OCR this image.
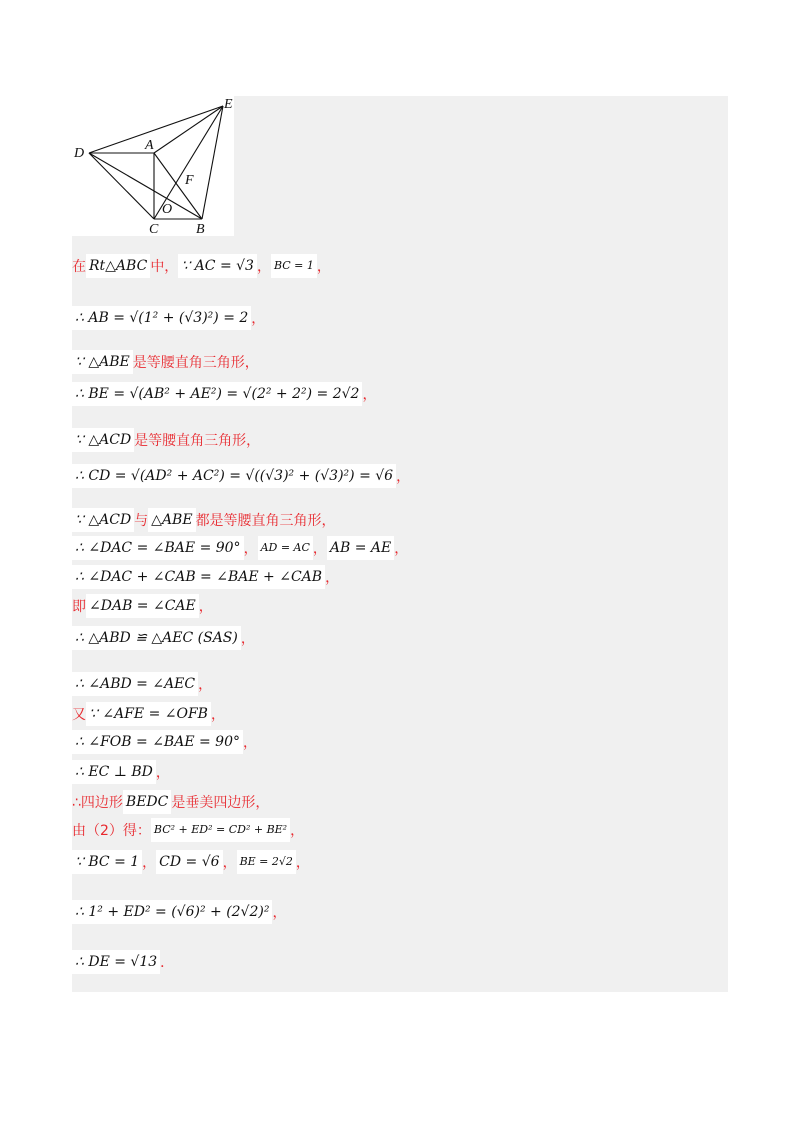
D
A
E
F
O
C	B
在 Rt△ABC 中， ∵ AC = √3 ， BC = 1 ，
∴ AB = √(1² + (√3)²) = 2 ，
∵ △ABE 是等腰直角三角形，
∴ BE = √(AB² + AE²) = √(2² + 2²) = 2√2 ，
∵ △ACD 是等腰直角三角形，
∴ CD = √(AD² + AC²) = √((√3)² + (√3)²) = √6 ，
∵ △ACD 与 △ABE 都是等腰直角三角形，
∴ ∠DAC = ∠BAE = 90° ， AD = AC ， AB = AE ，
∴ ∠DAC + ∠CAB = ∠BAE + ∠CAB ，
即 ∠DAB = ∠CAE ，
∴ △ABD ≌ △AEC (SAS) ，
∴ ∠ABD = ∠AEC ，
又 ∵ ∠AFE = ∠OFB ，
∴ ∠FOB = ∠BAE = 90° ，
∴ EC ⊥ BD ，
∴四边形 BEDC 是垂美四边形，
由（2）得： BC² + ED² = CD² + BE² ，
∵ BC = 1 ， CD = √6 ， BE = 2√2 ，
∴ 1² + ED² = (√6)² + (2√2)² ，
∴ DE = √13 ．
